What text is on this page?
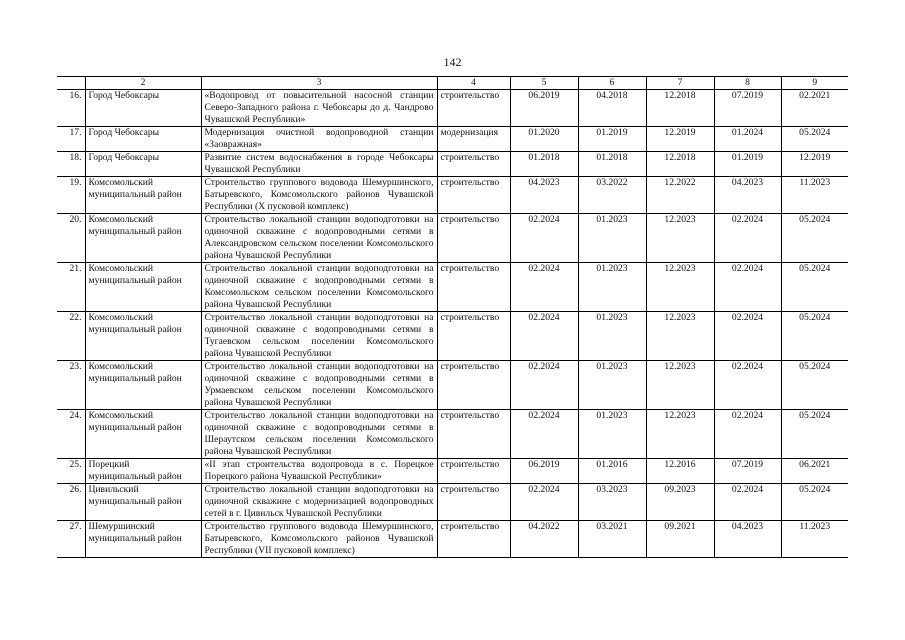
142
	2	3	4	5	6	7	8	9
16.	Город Чебоксары	«Водопровод от повысительной насосной станции Северо-Западного района г. Чебоксары до д. Чандрово Чувашской Республики»	строительство	06.2019	04.2018	12.2018	07.2019	02.2021
17.	Город Чебоксары	Модернизация очистной водопроводной станции «Заовражная»	модернизация	01.2020	01.2019	12.2019	01.2024	05.2024
18.	Город Чебоксары	Развитие систем водоснабжения в городе Чебоксары Чувашской Республики	строительство	01.2018	01.2018	12.2018	01.2019	12.2019
19.	Комсомольский муниципальный район	Строительство группового водовода Шемуршинского, Батыревского, Комсомольского районов Чувашской Республики (X пусковой комплекс)	строительство	04.2023	03.2022	12.2022	04.2023	11.2023
20.	Комсомольский муниципальный район	Строительство локальной станции водоподготовки на одиночной скважине с водопроводными сетями в Александровском сельском поселении Комсомольского района Чувашской Республики	строительство	02.2024	01.2023	12.2023	02.2024	05.2024
21.	Комсомольский муниципальный район	Строительство локальной станции водоподготовки на одиночной скважине с водопроводными сетями в Комсомольском сельском поселении Комсомольского района Чувашской Республики	строительство	02.2024	01.2023	12.2023	02.2024	05.2024
22.	Комсомольский муниципальный район	Строительство локальной станции водоподготовки на одиночной скважине с водопроводными сетями в Тугаевском сельском поселении Комсомольского района Чувашской Республики	строительство	02.2024	01.2023	12.2023	02.2024	05.2024
23.	Комсомольский муниципальный район	Строительство локальной станции водоподготовки на одиночной скважине с водопроводными сетями в Урмаевском сельском поселении Комсомольского района Чувашской Республики	строительство	02.2024	01.2023	12.2023	02.2024	05.2024
24.	Комсомольский муниципальный район	Строительство локальной станции водоподготовки на одиночной скважине с водопроводными сетями в Шераутском сельском поселении Комсомольского района Чувашской Республики	строительство	02.2024	01.2023	12.2023	02.2024	05.2024
25.	Порецкий муниципальный район	«II этап строительства водопровода в с. Порецкое Порецкого района Чувашской Республики»	строительство	06.2019	01.2016	12.2016	07.2019	06.2021
26.	Цивильский муниципальный район	Строительство локальной станции водоподготовки на одиночной скважине с модернизацией водопроводных сетей в г. Цивильск Чувашской Республики	строительство	02.2024	03.2023	09.2023	02.2024	05.2024
27.	Шемуршинский муниципальный район	Строительство группового водовода Шемуршинского, Батыревского, Комсомольского районов Чувашской Республики (VII пусковой комплекс)	строительство	04.2022	03.2021	09.2021	04.2023	11.2023
